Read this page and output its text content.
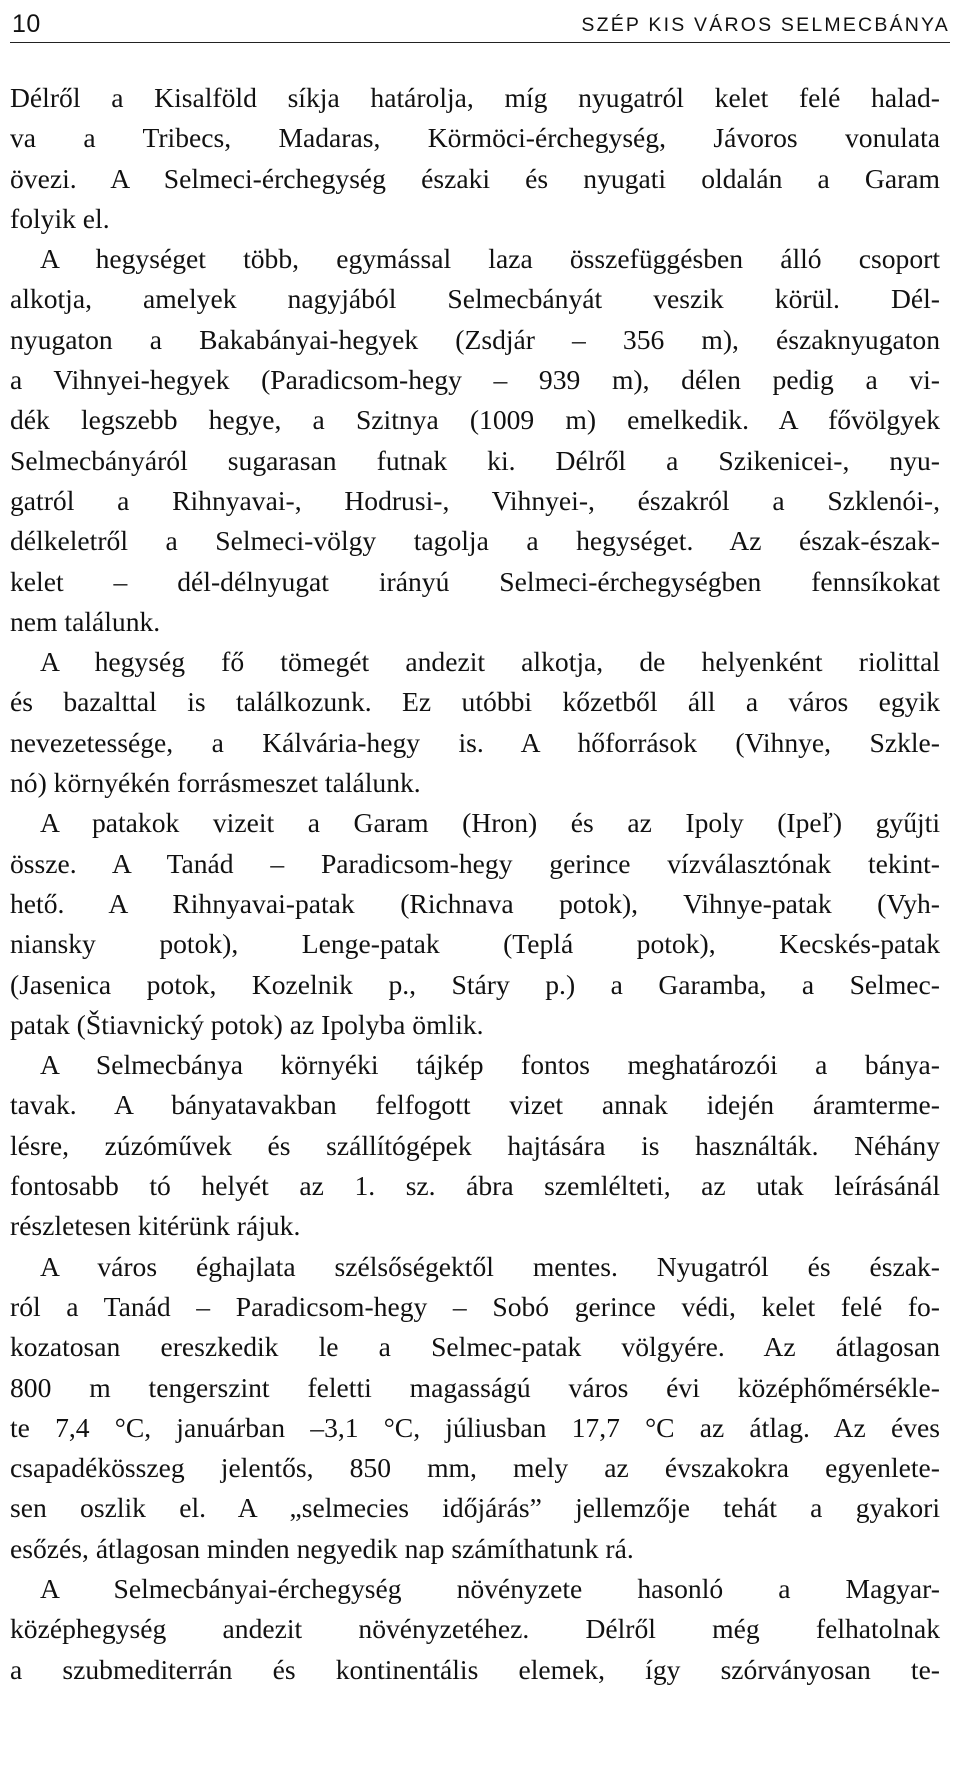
10	SZÉP KIS VÁROS SELMECBÁNYA
Délről a Kisalföld síkja határolja, míg nyugatról kelet felé halad-
va a Tribecs, Madaras, Körmöci-érchegység, Jávoros vonulata
övezi. A Selmeci-érchegység északi és nyugati oldalán a Garam
folyik el.
A hegységet több, egymással laza összefüggésben álló csoport
alkotja, amelyek nagyjából Selmecbányát veszik körül. Dél-
nyugaton a Bakabányai-hegyek (Zsdjár – 356 m), északnyugaton
a Vihnyei-hegyek (Paradicsom-hegy – 939 m), délen pedig a vi-
dék legszebb hegye, a Szitnya (1009 m) emelkedik. A fővölgyek
Selmecbányáról sugarasan futnak ki. Délről a Szikenicei-, nyu-
gatról a Rihnyavai-, Hodrusi-, Vihnyei-, északról a Szklenói-,
délkeletről a Selmeci-völgy tagolja a hegységet. Az észak-észak-
kelet – dél-délnyugat irányú Selmeci-érchegységben fennsíkokat
nem találunk.
A hegység fő tömegét andezit alkotja, de helyenként riolittal
és bazalttal is találkozunk. Ez utóbbi kőzetből áll a város egyik
nevezetessége, a Kálvária-hegy is. A hőforrások (Vihnye, Szkle-
nó) környékén forrásmeszet találunk.
A patakok vizeit a Garam (Hron) és az Ipoly (Ipeľ) gyűjti
össze. A Tanád – Paradicsom-hegy gerince vízválasztónak tekint-
hető. A Rihnyavai-patak (Richnava potok), Vihnye-patak (Vyh-
niansky potok), Lenge-patak (Teplá potok), Kecskés-patak
(Jasenica potok, Kozelnik p., Stáry p.) a Garamba, a Selmec-
patak (Štiavnický potok) az Ipolyba ömlik.
A Selmecbánya környéki tájkép fontos meghatározói a bánya-
tavak. A bányatavakban felfogott vizet annak idején áramterme-
lésre, zúzóművek és szállítógépek hajtására is használták. Néhány
fontosabb tó helyét az 1. sz. ábra szemlélteti, az utak leírásánál
részletesen kitérünk rájuk.
A város éghajlata szélsőségektől mentes. Nyugatról és észak-
ról a Tanád – Paradicsom-hegy – Sobó gerince védi, kelet felé fo-
kozatosan ereszkedik le a Selmec-patak völgyére. Az átlagosan
800 m tengerszint feletti magasságú város évi középhőmérsékle-
te 7,4 °C, januárban –3,1 °C, júliusban 17,7 °C az átlag. Az éves
csapadékösszeg jelentős, 850 mm, mely az évszakokra egyenlete-
sen oszlik el. A „selmecies időjárás” jellemzője tehát a gyakori
esőzés, átlagosan minden negyedik nap számíthatunk rá.
A Selmecbányai-érchegység növényzete hasonló a Magyar-
középhegység andezit növényzetéhez. Délről még felhatolnak
a szubmediterrán és kontinentális elemek, így szórványosan te-
